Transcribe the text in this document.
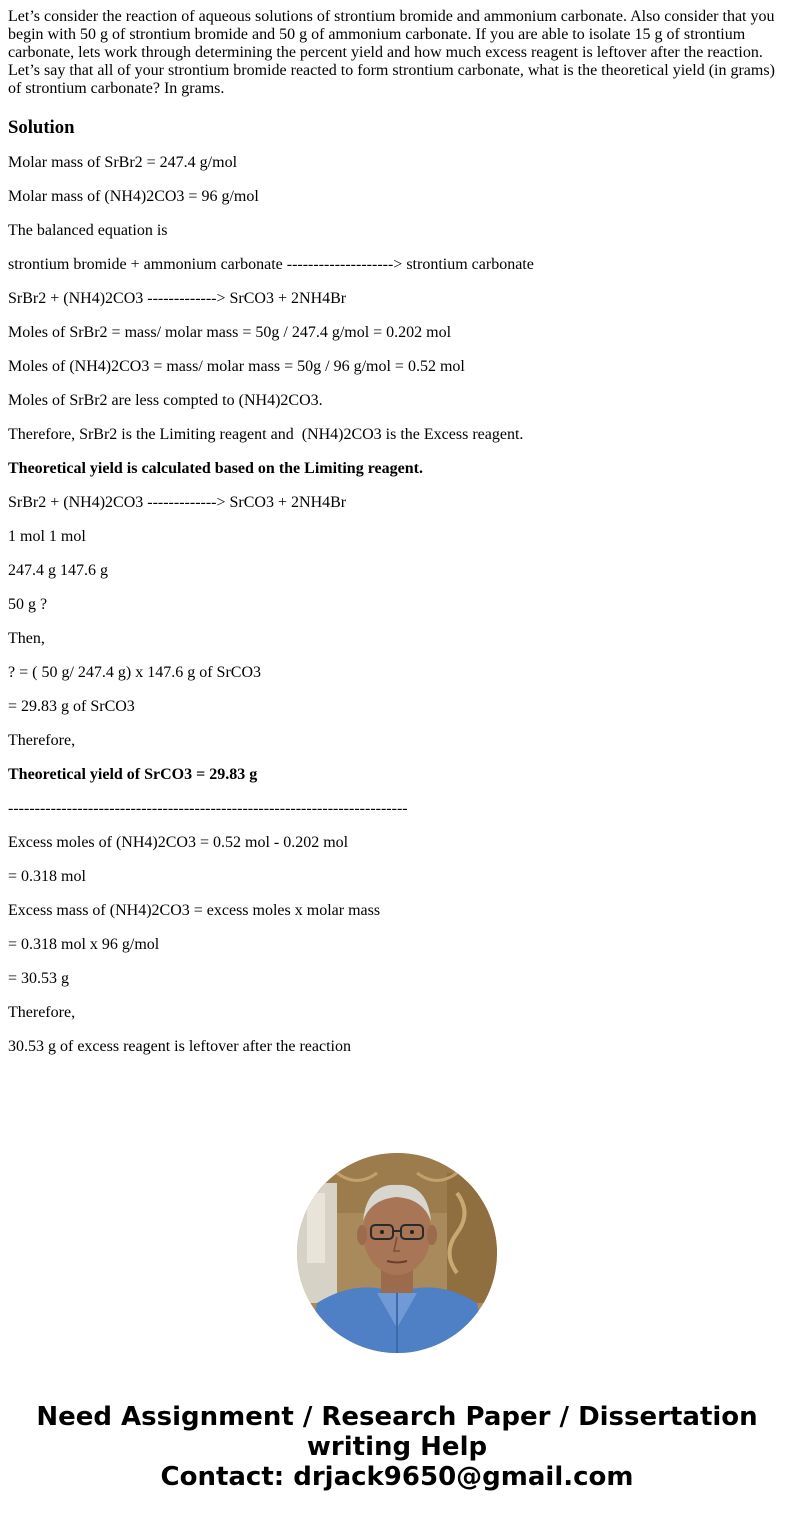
Let’s consider the reaction of aqueous solutions of strontium bromide and ammonium carbonate. Also consider that you begin with 50 g of strontium bromide and 50 g of ammonium carbonate. If you are able to isolate 15 g of strontium carbonate, lets work through determining the percent yield and how much excess reagent is leftover after the reaction. Let’s say that all of your strontium bromide reacted to form strontium carbonate, what is the theoretical yield (in grams) of strontium carbonate? In grams.

Solution

Molar mass of SrBr2 = 247.4 g/mol

Molar mass of (NH4)2CO3 = 96 g/mol

The balanced equation is

strontium bromide + ammonium carbonate --------------------> strontium carbonate

SrBr2 + (NH4)2CO3 -------------> SrCO3 + 2NH4Br

Moles of SrBr2 = mass/ molar mass = 50g / 247.4 g/mol = 0.202 mol

Moles of (NH4)2CO3 = mass/ molar mass = 50g / 96 g/mol = 0.52 mol

Moles of SrBr2 are less compted to (NH4)2CO3.

Therefore, SrBr2 is the Limiting reagent and  (NH4)2CO3 is the Excess reagent.

Theoretical yield is calculated based on the Limiting reagent.

SrBr2 + (NH4)2CO3 -------------> SrCO3 + 2NH4Br

1 mol 1 mol

247.4 g 147.6 g

50 g ?

Then,

? = ( 50 g/ 247.4 g) x 147.6 g of SrCO3

= 29.83 g of SrCO3

Therefore,

Theoretical yield of SrCO3 = 29.83 g

---------------------------------------------------------------------------

Excess moles of (NH4)2CO3 = 0.52 mol - 0.202 mol

= 0.318 mol

Excess mass of (NH4)2CO3 = excess moles x molar mass

= 0.318 mol x 96 g/mol

= 30.53 g

Therefore,

30.53 g of excess reagent is leftover after the reaction

Need Assignment / Research Paper / Dissertation
writing Help
Contact: drjack9650@gmail.com
